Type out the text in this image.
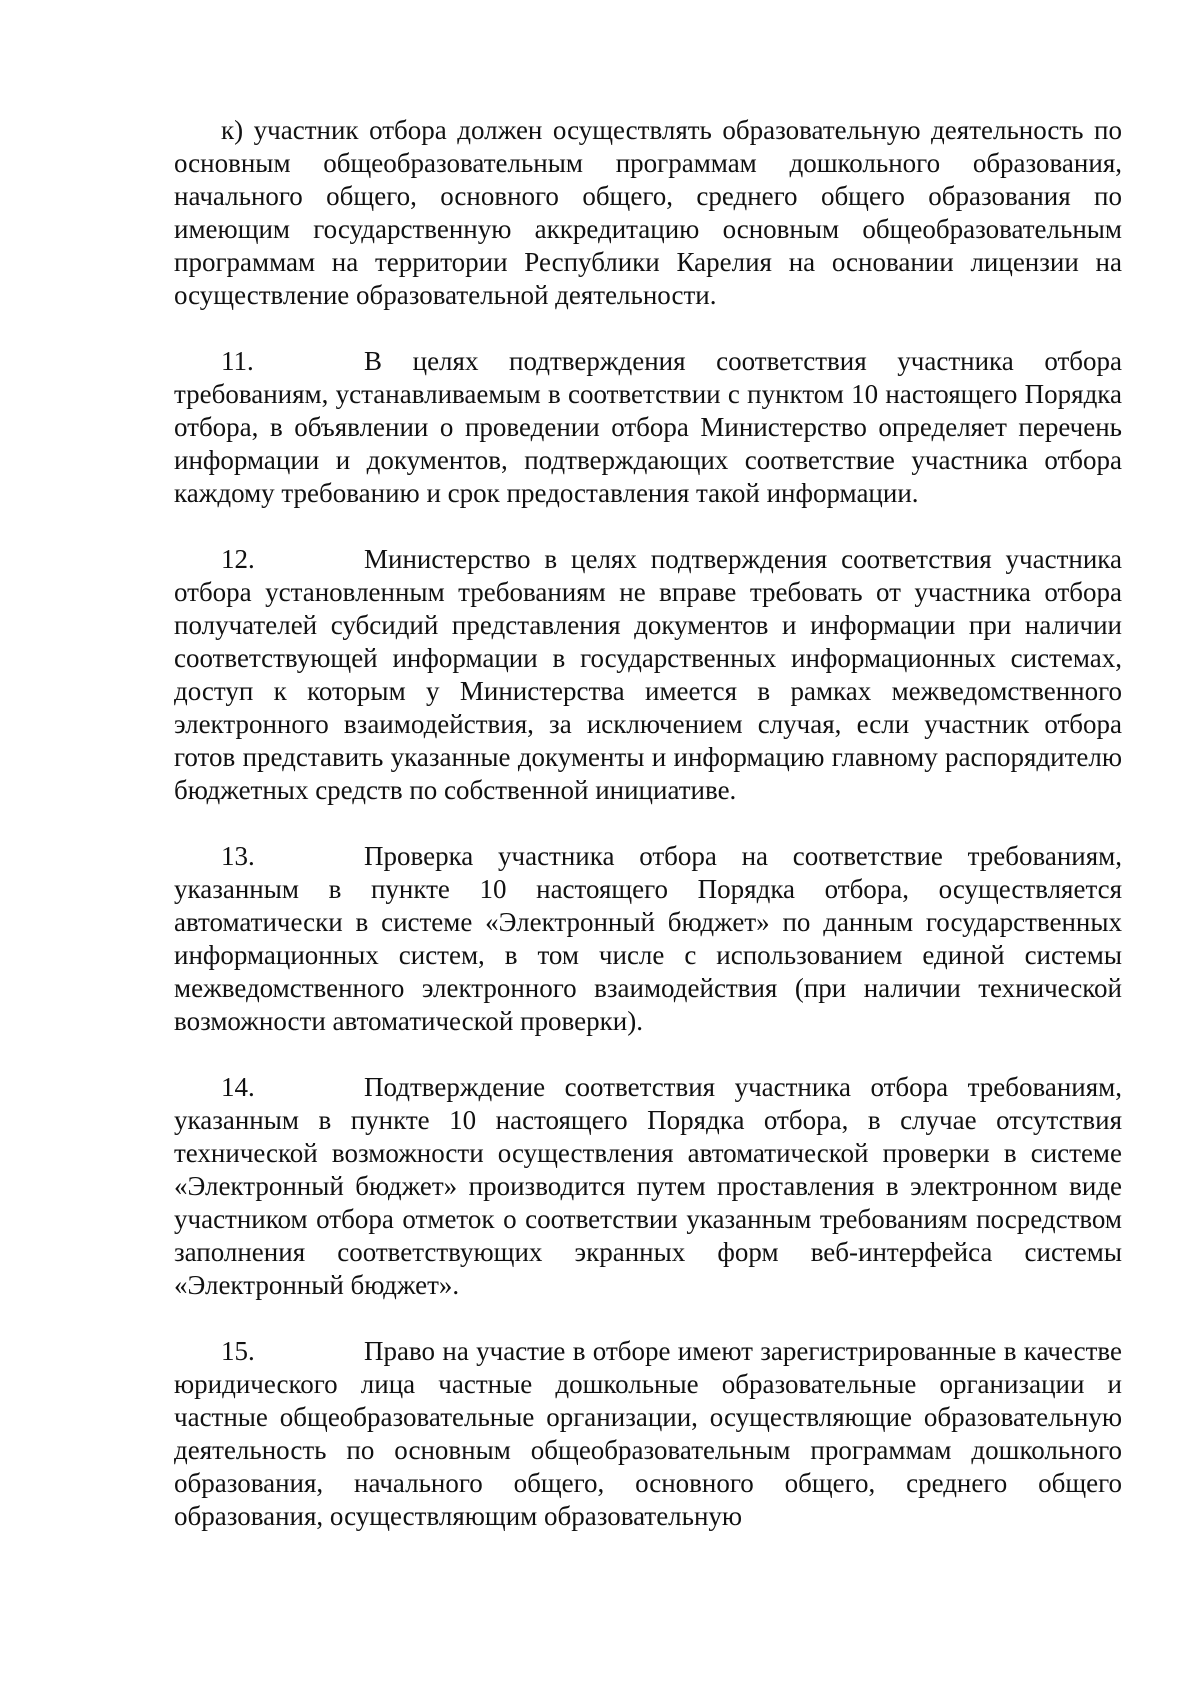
к) участник отбора должен осуществлять образовательную деятельность по основным общеобразовательным программам дошкольного образования, начального общего, основного общего, среднего общего образования по имеющим государственную аккредитацию основным общеобразовательным программам на территории Республики Карелия на основании лицензии на осуществление образовательной деятельности.

11.	В целях подтверждения соответствия участника отбора требованиям, устанавливаемым в соответствии с пунктом 10 настоящего Порядка отбора, в объявлении о проведении отбора Министерство определяет перечень информации и документов, подтверждающих соответствие участника отбора каждому требованию и срок предоставления такой информации.

12.	Министерство в целях подтверждения соответствия участника отбора установленным требованиям не вправе требовать от участника отбора получателей субсидий представления документов и информации при наличии соответствующей информации в государственных информационных системах, доступ к которым у Министерства имеется в рамках межведомственного электронного взаимодействия, за исключением случая, если участник отбора готов представить указанные документы и информацию главному распорядителю бюджетных средств по собственной инициативе.

13.	Проверка участника отбора на соответствие требованиям, указанным в пункте 10 настоящего Порядка отбора, осуществляется автоматически в системе «Электронный бюджет» по данным государственных информационных систем, в том числе с использованием единой системы межведомственного электронного взаимодействия (при наличии технической возможности автоматической проверки).

14.	Подтверждение соответствия участника отбора требованиям, указанным в пункте 10 настоящего Порядка отбора, в случае отсутствия технической возможности осуществления автоматической проверки в системе «Электронный бюджет» производится путем проставления в электронном виде участником отбора отметок о соответствии указанным требованиям посредством заполнения соответствующих экранных форм веб-интерфейса системы «Электронный бюджет».

15.	Право на участие в отборе имеют зарегистрированные в качестве юридического лица частные дошкольные образовательные организации и частные общеобразовательные организации, осуществляющие образовательную деятельность по основным общеобразовательным программам дошкольного образования, начального общего, основного общего, среднего общего образования, осуществляющим образовательную
